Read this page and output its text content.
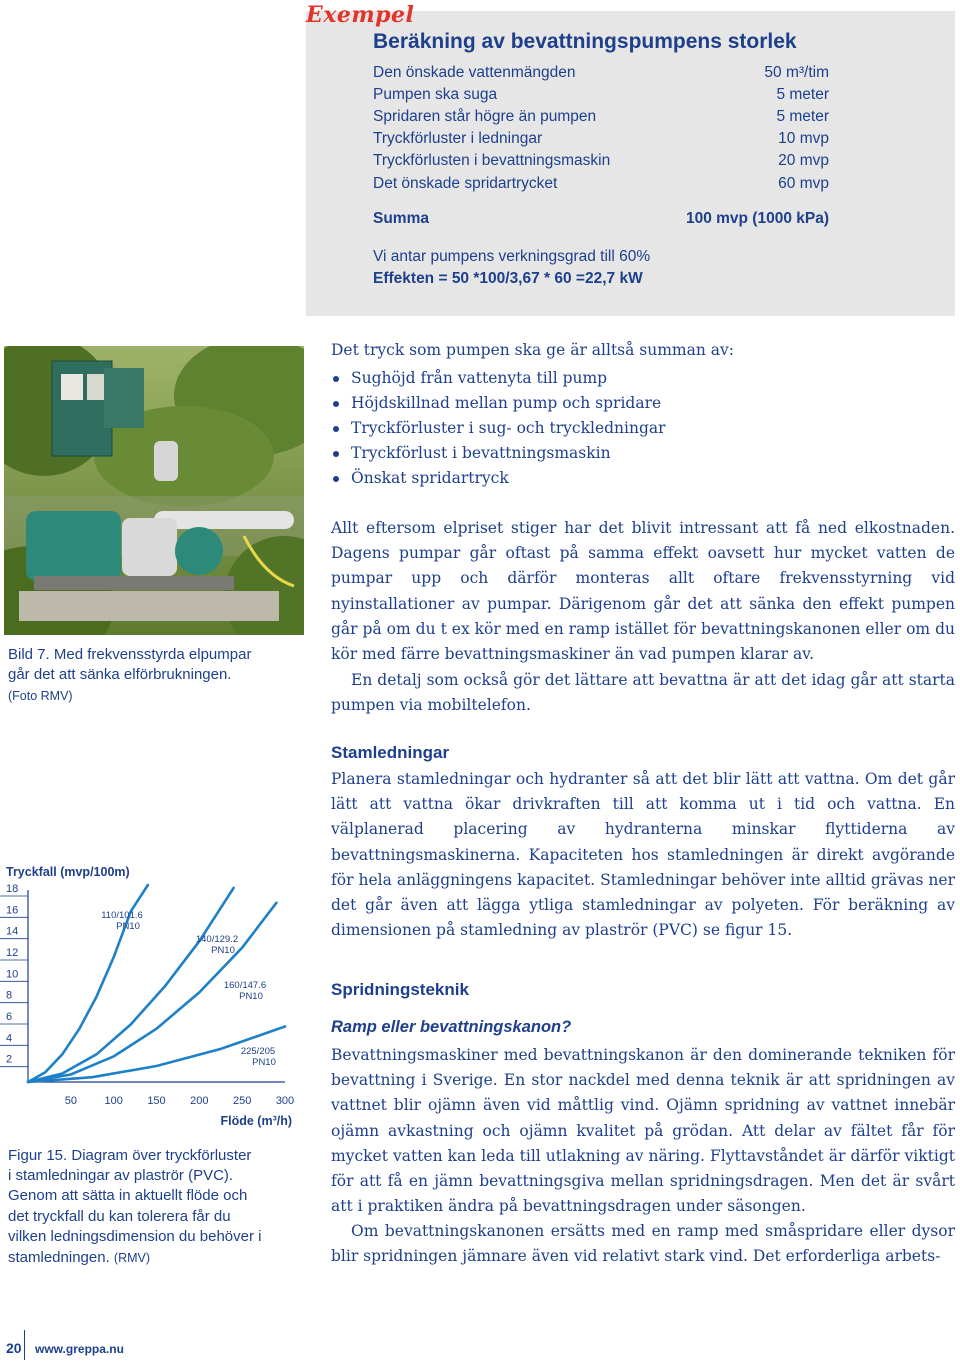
Exempel
Beräkning av bevattningspumpens storlek
Den önskade vattenmängden	50 m³/tim
Pumpen ska suga	5 meter
Spridaren står högre än pumpen	5 meter
Tryckförluster i ledningar	10 mvp
Tryckförlusten i bevattningsmaskin	20 mvp
Det önskade spridartrycket	60 mvp
Summa	100 mvp (1000 kPa)
Vi antar pumpens verkningsgrad till 60%
Effekten = 50 *100/3,67 * 60 =22,7 kW
Bild 7. Med frekvensstyrda elpumpar
går det att sänka elförbrukningen.
(Foto RMV)
Det tryck som pumpen ska ge är alltså summan av:
Sughöjd från vattenyta till pump
Höjdskillnad mellan pump och spridare
Tryckförluster i sug- och tryckledningar
Tryckförlust i bevattningsmaskin
Önskat spridartryck
Allt eftersom elpriset stiger har det blivit intressant att få ned elkostnaden. Dagens pumpar går oftast på samma effekt oavsett hur mycket vatten de pumpar upp och därför monteras allt oftare frekvensstyrning vid nyinstallationer av pumpar. Därigenom går det att sänka den effekt pumpen går på om du t ex kör med en ramp istället för bevattningskanonen eller om du kör med färre bevattningsmaskiner än vad pumpen klarar av.
En detalj som också gör det lättare att bevattna är att det idag går att starta pumpen via mobiltelefon.
Stamledningar
Planera stamledningar och hydranter så att det blir lätt att vattna. Om det går lätt att vattna ökar drivkraften till att komma ut i tid och vattna. En välplanerad placering av hydranterna minskar flyttiderna av bevattningsmaskinerna. Kapaciteten hos stamledningen är direkt avgörande för hela anläggningens kapacitet. Stamledningar behöver inte alltid grävas ner det går även att lägga ytliga stamledningar av polyeten. För beräkning av dimensionen på stamledning av plaströr (PVC) se figur 15.
Spridningsteknik
Ramp eller bevattningskanon?
Bevattningsmaskiner med bevattningskanon är den dominerande tekniken för bevattning i Sverige. En stor nackdel med denna teknik är att spridningen av vattnet blir ojämn även vid måttlig vind. Ojämn spridning av vattnet innebär ojämn avkastning och ojämn kvalitet på grödan. Att delar av fältet får för mycket vatten kan leda till utlakning av näring. Flyttavståndet är därför viktigt för att få en jämn bevattningsgiva mellan spridningsdragen. Men det är svårt att i praktiken ändra på bevattningsdragen under säsongen.
Om bevattningskanonen ersätts med en ramp med småspridare eller dysor blir spridningen jämnare även vid relativt stark vind. Det erforderliga arbets-
Tryckfall (mvp/100m)
2
4
6
8
10
12
14
16
18
50	100 150 200 250 300
110/101.6
PN10
140/129.2
PN10
160/147.6
PN10
225/205
PN10
Flöde (m³/h)
Figur 15. Diagram över tryckförluster
i stamledningar av plaströr (PVC).
Genom att sätta in aktuellt flöde och
det tryckfall du kan tolerera får du
vilken ledningsdimension du behöver i
stamledningen. (RMV)
20 www.greppa.nu
